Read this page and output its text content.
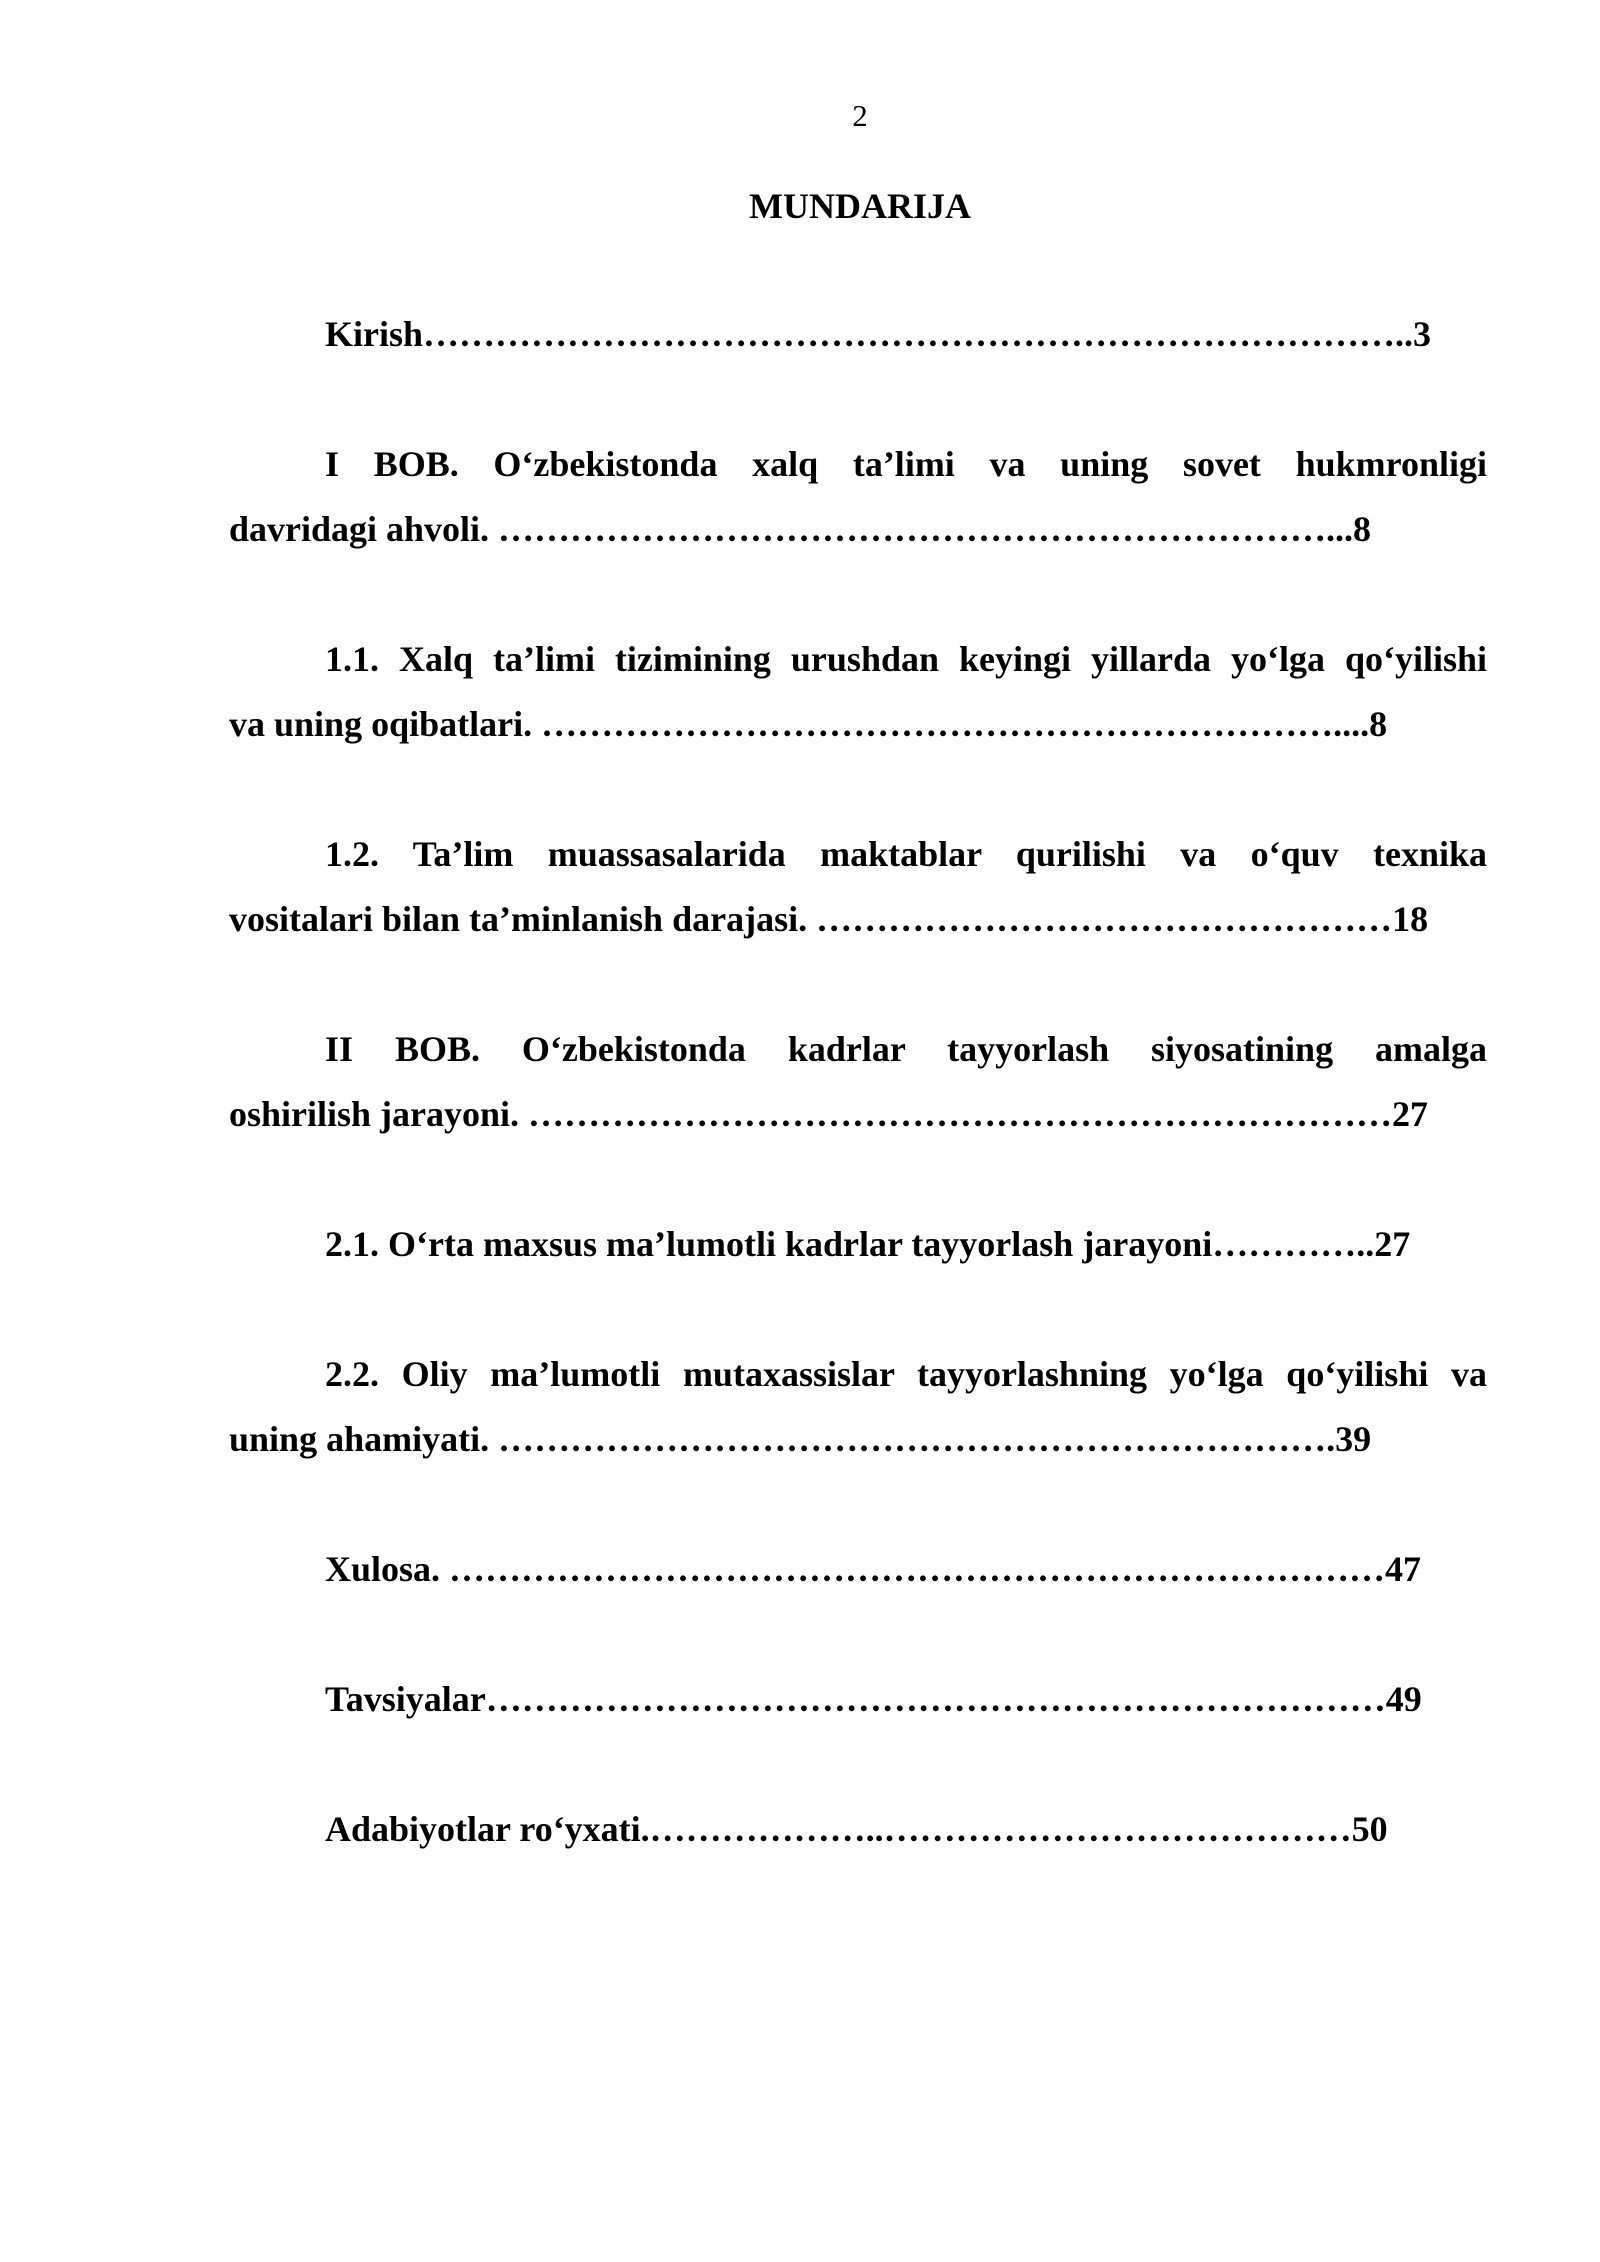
2
MUNDARIJA
Kirish………………………………………………………………………..3
I BOB. O‘zbekistonda xalq ta’limi va uning sovet hukmronligi
davridagi ahvoli. ……………………………………………………………...8
1.1. Xalq ta’limi tizimining urushdan keyingi yillarda yo‘lga qo‘yilishi
va uning oqibatlari. …………………………………………………………....8
1.2. Ta’lim muassasalarida maktablar qurilishi va o‘quv texnika
vositalari bilan ta’minlanish darajasi. …………………………………………18
II BOB. O‘zbekistonda kadrlar tayyorlash siyosatining amalga
oshirilish jarayoni. ………………………………………………………………27
2.1. O‘rta maxsus ma’lumotli kadrlar tayyorlash jarayoni…………..27
2.2. Oliy ma’lumotli mutaxassislar tayyorlashning yo‘lga qo‘yilishi va
uning ahamiyati. …………………………………………………………….39
Xulosa. ……………………………………………………………………47
Tavsiyalar…………………………………………………………………49
Adabiyotlar ro‘yxati.………………..…………………………………50
